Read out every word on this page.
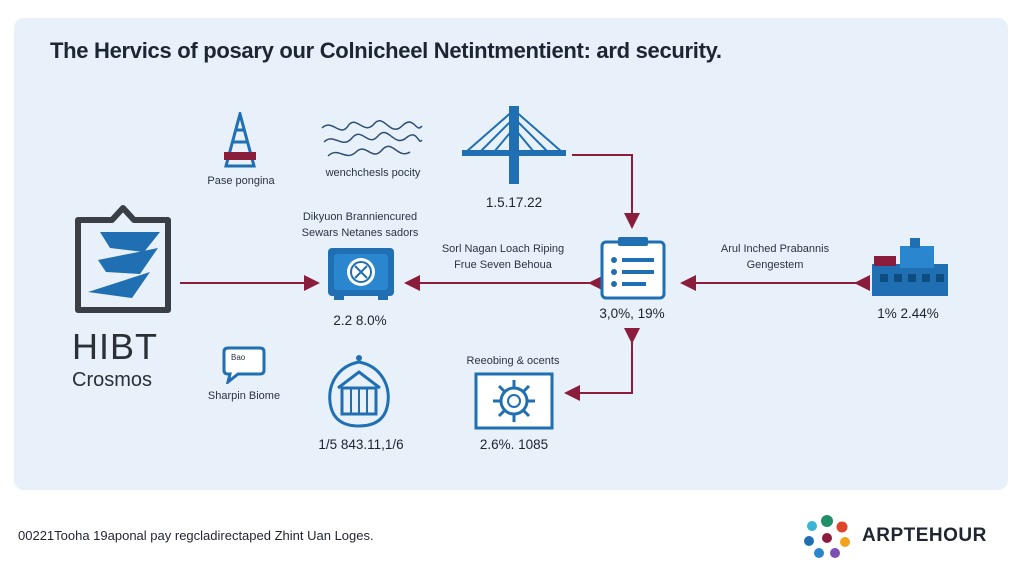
The Hervics of posary our Colnicheel Netintmentient: ard security.
HIBT
Crosmos
Pase pongina
wenchchesls pocity
1.5.17.22
Dikyuon Branniencured
Sewars Netanes sadors
2.2 8.0%
Sorl Nagan Loach Riping
Frue Seven Behoua
3,0%, 19%
Arul Inched Prabannis
Gengestem
1% 2.44%
Bao
Sharpin Biome
1/5 843.11,1/6
Reeobing & ocents
2.6%. 1085
00221Tooha 19aponal pay regcladirectaped Zhint Uan Loges.	ARPTEHOUR
